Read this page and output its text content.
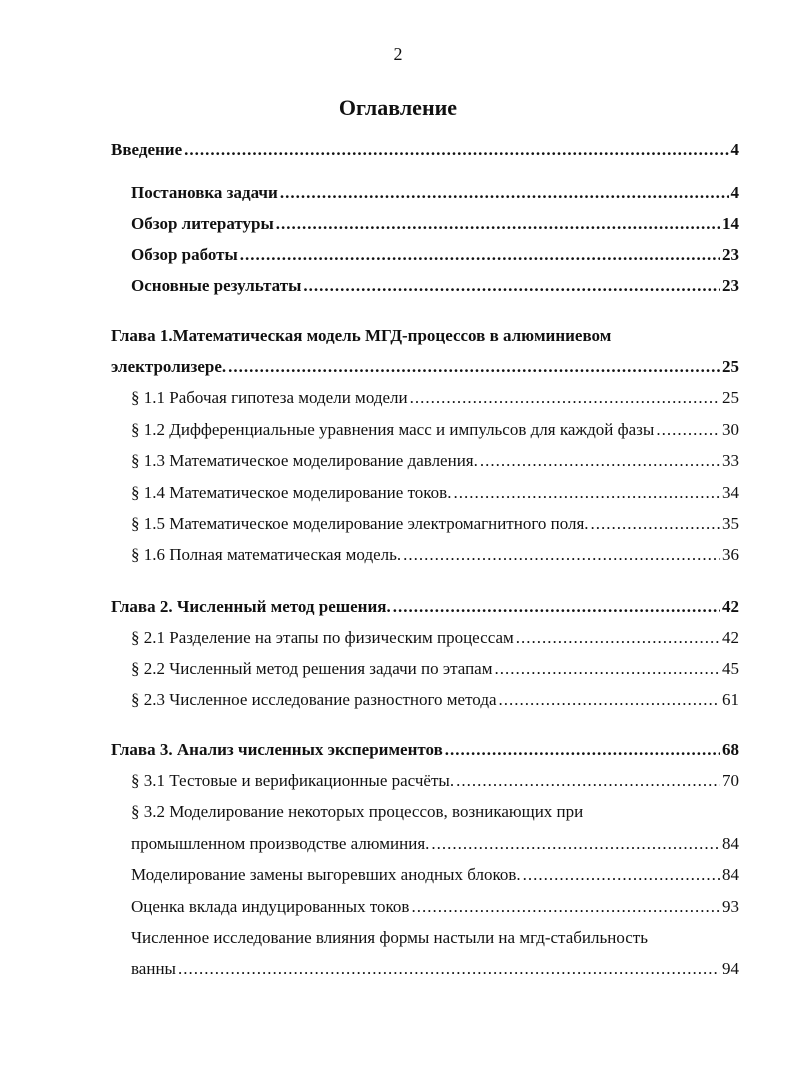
2
Оглавление
Введение .....	4
Постановка задачи .....	4
Обзор литературы .....	14
Обзор работы .....	23
Основные результаты .....	23
Глава 1.Математическая модель МГД-процессов в алюминиевом
электролизере. .....	25
§ 1.1 Рабочая гипотеза модели модели .....	25
§ 1.2 Дифференциальные уравнения масс и импульсов для каждой фазы .....	30
§ 1.3 Математическое моделирование давления. .....	33
§ 1.4 Математическое моделирование токов. .....	34
§ 1.5 Математическое моделирование электромагнитного поля. .....	35
§ 1.6 Полная математическая модель. .....	36
Глава 2. Численный метод решения. .....	42
§ 2.1 Разделение на этапы по физическим процессам .....	42
§ 2.2 Численный метод решения задачи по этапам .....	45
§ 2.3 Численное исследование разностного метода .....	61
Глава 3. Анализ численных экспериментов .....	68
§ 3.1 Тестовые и верификационные расчёты. .....	70
§ 3.2 Моделирование некоторых процессов, возникающих при
промышленном производстве алюминия. .....	84
Моделирование замены выгоревших анодных блоков. .....	84
Оценка вклада индуцированных токов .....	93
Численное исследование влияния формы настыли на мгд-стабильность
ванны .....	94
